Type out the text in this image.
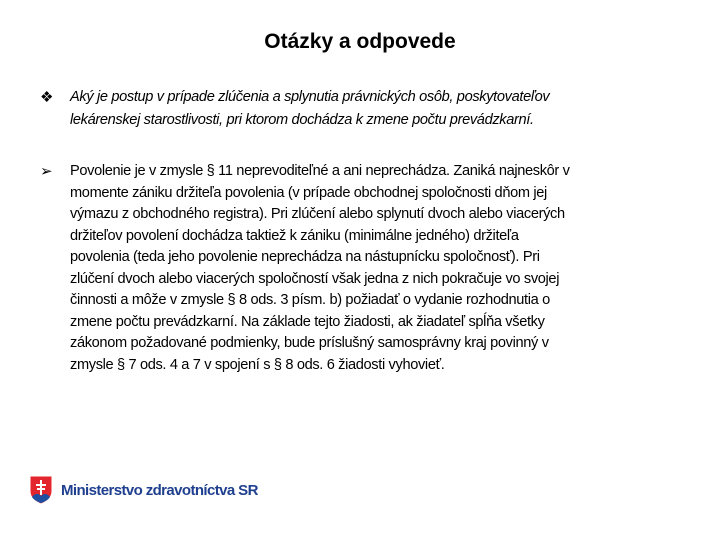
Otázky a odpovede
❖ Aký je postup v prípade zlúčenia a splynutia právnických osôb, poskytovateľov
lekárenskej starostlivosti, pri ktorom dochádza k zmene počtu prevádzkarní.
➢ Povolenie je v zmysle § 11 neprevoditeľné a ani neprechádza. Zaniká najneskôr v
momente zániku držiteľa povolenia (v prípade obchodnej spoločnosti dňom jej
výmazu z obchodného registra). Pri zlúčení alebo splynutí dvoch alebo viacerých
držiteľov povolení dochádza taktiež k zániku (minimálne jedného) držiteľa
povolenia (teda jeho povolenie neprechádza na nástupnícku spoločnosť). Pri
zlúčení dvoch alebo viacerých spoločností však jedna z nich pokračuje vo svojej
činnosti a môže v zmysle § 8 ods. 3 písm. b) požiadať o vydanie rozhodnutia o
zmene počtu prevádzkarní. Na základe tejto žiadosti, ak žiadateľ spĺňa všetky
zákonom požadované podmienky, bude príslušný samosprávny kraj povinný v
zmysle § 7 ods. 4 a 7 v spojení s § 8 ods. 6 žiadosti vyhovieť.
Ministerstvo zdravotníctva SR
